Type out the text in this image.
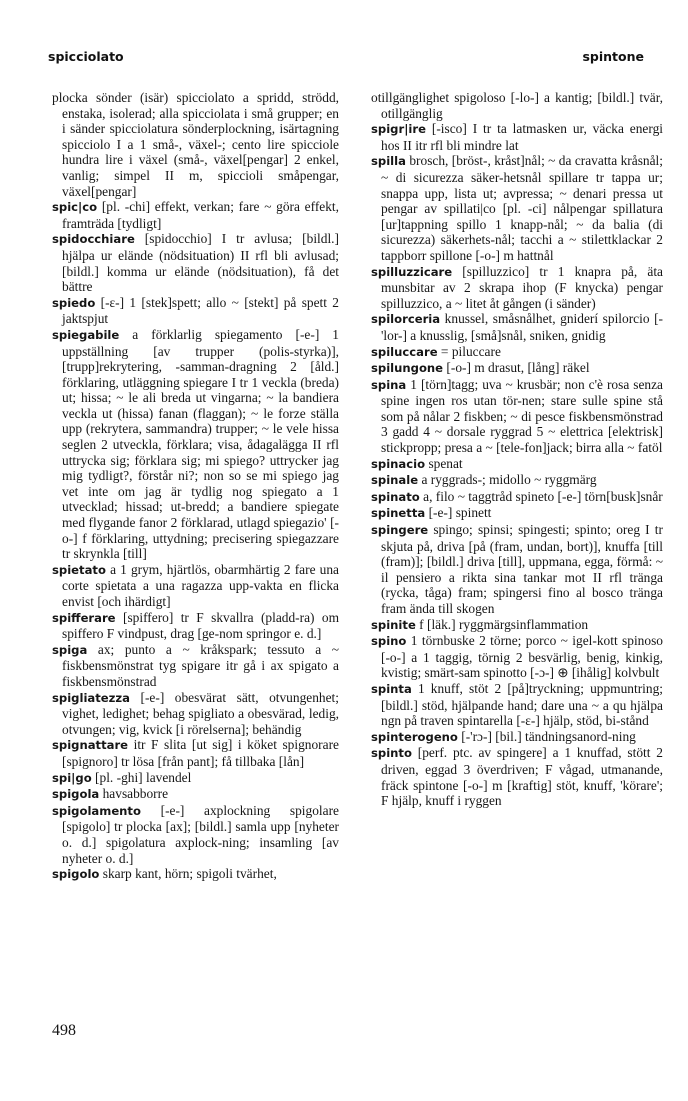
spicciolato	spintone

plocka sönder (isär) spicciolato a spridd, strödd, enstaka, isolerad; alla spicciolata i små grupper; en i sänder spicciolatura sönderplockning, isärtagning spicciolo I a 1 små-, växel-; cento lire spicciole hundra lire i växel (små-, växel[pengar] 2 enkel, vanlig; simpel II m, spiccioli småpengar, växel[pengar]

spic|co [pl. -chi] effekt, verkan; fare ~ göra effekt, framträda [tydligt]

spidocchiare [spidocchio] I tr avlusa; [bildl.] hjälpa ur elände (nödsituation) II rfl bli avlusad; [bildl.] komma ur elände (nödsituation), få det bättre

spiedo [-ɛ-] 1 [stek]spett; allo ~ [stekt] på spett 2 jaktspjut

spiegabile a förklarlig spiegamento [-e-] 1 uppställning [av trupper (polis-styrka)], [trupp]rekrytering, -samman-dragning 2 [åld.] förklaring, utläggning spiegare I tr 1 veckla (breda) ut; hissa; ~ le ali breda ut vingarna; ~ la bandiera veckla ut (hissa) fanan (flaggan); ~ le forze ställa upp (rekrytera, sammandra) trupper; ~ le vele hissa seglen 2 utveckla, förklara; visa, ådagalägga II rfl uttrycka sig; förklara sig; mi spiego? uttrycker jag mig tydligt?, förstår ni?; non so se mi spiego jag vet inte om jag är tydlig nog spiegato a 1 utvecklad; hissad; ut-bredd; a bandiere spiegate med flygande fanor 2 förklarad, utlagd spiegazio' [-o-] f förklaring, uttydning; precisering spiegazzare tr skrynkla [till]

spietato a 1 grym, hjärtlös, obarmhärtig 2 fare una corte spietata a una ragazza upp-vakta en flicka envist [och ihärdigt]

spifferare [spiffero] tr F skvallra (pladd-ra) om spiffero F vindpust, drag [ge-nom springor e. d.]

spiga ax; punto a ~ kråkspark; tessuto a ~ fiskbensmönstrat tyg spigare itr gå i ax spigato a fiskbensmönstrad

spigliatezza [-e-] obesvärat sätt, otvungenhet; vighet, ledighet; behag spigliato a obesvärad, ledig, otvungen; vig, kvick [i rörelserna]; behändig

spignattare itr F slita [ut sig] i köket spignorare [spignoro] tr lösa [från pant]; få tillbaka [lån]

spi|go [pl. -ghi] lavendel

spigola havsabborre

spigolamento [-e-] axplockning spigolare [spigolo] tr plocka [ax]; [bildl.] samla upp [nyheter o. d.] spigolatura axplock-ning; insamling [av nyheter o. d.]

spigolo skarp kant, hörn; spigoli tvärhet,

otillgänglighet spigoloso [-lo-] a kantig; [bildl.] tvär, otillgänglig

spigr|ire [-isco] I tr ta latmasken ur, väcka energi hos II itr rfl bli mindre lat

spilla brosch, [bröst-, kråst]nål; ~ da cravatta kråsnål; ~ di sicurezza säker-hetsnål spillare tr tappa ur; snappa upp, lista ut; avpressa; ~ denari pressa ut pengar av spillati|co [pl. -ci] nålpengar spillatura [ur]tappning spillo 1 knapp-nål; ~ da balia (di sicurezza) säkerhets-nål; tacchi a ~ stilettklackar 2 tappborr spillone [-o-] m hattnål

spilluzzicare [spilluzzico] tr 1 knapra på, äta munsbitar av 2 skrapa ihop (F knycka) pengar spilluzzico, a ~ litet åt gången (i sänder)

spilorceria knussel, småsnålhet, gniderí spilorcio [-'lor-] a knusslig, [små]snål, sniken, gnidig

spiluccare = piluccare

spilungone [-o-] m drasut, [lång] räkel

spina 1 [törn]tagg; uva ~ krusbär; non c'è rosa senza spine ingen ros utan tör-nen; stare sulle spine stå som på nålar 2 fiskben; ~ di pesce fiskbensmönstrad 3 gadd 4 ~ dorsale ryggrad 5 ~ elettrica [elektrisk] stickpropp; presa a ~ [tele-fon]jack; birra alla ~ fatöl

spinacio spenat

spinale a ryggrads-; midollo ~ ryggmärg

spinato a, filo ~ taggtråd spineto [-e-] törn[busk]snår

spinetta [-e-] spinett

spingere spingo; spinsi; spingesti; spinto; oreg I tr skjuta på, driva [på (fram, undan, bort)], knuffa [till (fram)]; [bildl.] driva [till], uppmana, egga, förmå: ~ il pensiero a rikta sina tankar mot II rfl tränga (rycka, tåga) fram; spingersi fino al bosco tränga fram ända till skogen

spinite f [läk.] ryggmärgsinflammation

spino 1 törnbuske 2 törne; porco ~ igel-kott spinoso [-o-] a 1 taggig, törnig 2 besvärlig, benig, kinkig, kvistig; smärt-sam spinotto [-ɔ-] ⊕ [ihålig] kolvbult

spinta 1 knuff, stöt 2 [på]tryckning; uppmuntring; [bildl.] stöd, hjälpande hand; dare una ~ a qu hjälpa ngn på traven spintarella [-ɛ-] hjälp, stöd, bi-stånd

spinterogeno [-'rɔ-] [bil.] tändningsanord-ning

spinto [perf. ptc. av spingere] a 1 knuffad, stött 2 driven, eggad 3 överdriven; F vågad, utmanande, fräck spintone [-o-] m [kraftig] stöt, knuff, 'körare'; F hjälp, knuff i ryggen

498
